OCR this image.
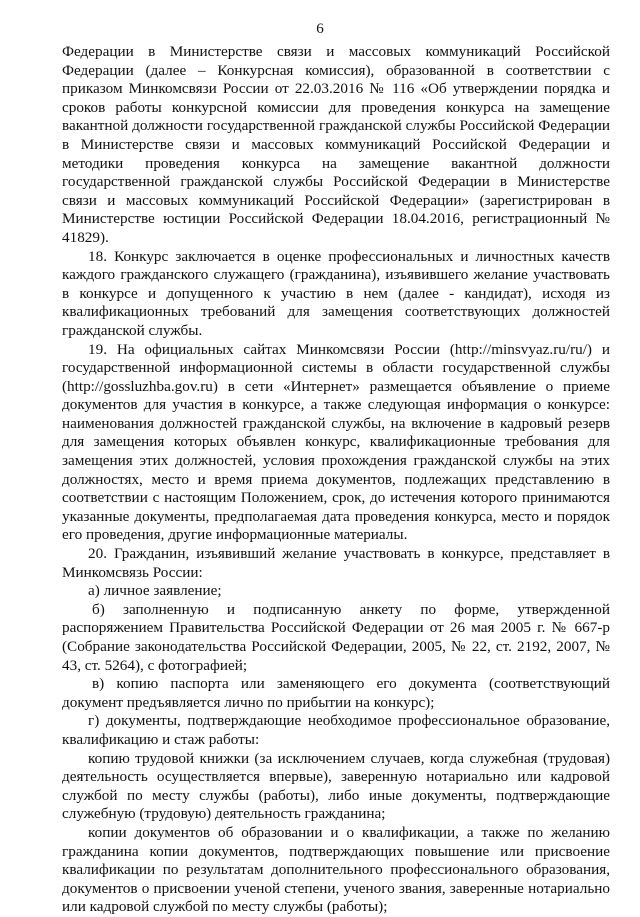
6

Федерации в Министерстве связи и массовых коммуникаций Российской Федерации (далее – Конкурсная комиссия), образованной в соответствии с приказом Минкомсвязи России от 22.03.2016 № 116 «Об утверждении порядка и сроков работы конкурсной комиссии для проведения конкурса на замещение вакантной должности государственной гражданской службы Российской Федерации в Министерстве связи и массовых коммуникаций Российской Федерации и методики проведения конкурса на замещение вакантной должности государственной гражданской службы Российской Федерации в Министерстве связи и массовых коммуникаций Российской Федерации» (зарегистрирован в Министерстве юстиции Российской Федерации 18.04.2016, регистрационный № 41829).

18. Конкурс заключается в оценке профессиональных и личностных качеств каждого гражданского служащего (гражданина), изъявившего желание участвовать в конкурсе и допущенного к участию в нем (далее - кандидат), исходя из квалификационных требований для замещения соответствующих должностей гражданской службы.

19. На официальных сайтах Минкомсвязи России (http://minsvyaz.ru/ru/) и государственной информационной системы в области государственной службы (http://gossluzhba.gov.ru) в сети «Интернет» размещается объявление о приеме документов для участия в конкурсе, а также следующая информация о конкурсе: наименования должностей гражданской службы, на включение в кадровый резерв для замещения которых объявлен конкурс, квалификационные требования для замещения этих должностей, условия прохождения гражданской службы на этих должностях, место и время приема документов, подлежащих представлению в соответствии с настоящим Положением, срок, до истечения которого принимаются указанные документы, предполагаемая дата проведения конкурса, место и порядок его проведения, другие информационные материалы.

20. Гражданин, изъявивший желание участвовать в конкурсе, представляет в Минкомсвязь России:

а) личное заявление;

б) заполненную и подписанную анкету по форме, утвержденной распоряжением Правительства Российской Федерации от 26 мая 2005 г. № 667-р (Собрание законодательства Российской Федерации, 2005, № 22, ст. 2192, 2007, № 43, ст. 5264), с фотографией;

в) копию паспорта или заменяющего его документа (соответствующий документ предъявляется лично по прибытии на конкурс);

г) документы, подтверждающие необходимое профессиональное образование, квалификацию и стаж работы:

копию трудовой книжки (за исключением случаев, когда служебная (трудовая) деятельность осуществляется впервые), заверенную нотариально или кадровой службой по месту службы (работы), либо иные документы, подтверждающие служебную (трудовую) деятельность гражданина;

копии документов об образовании и о квалификации, а также по желанию гражданина копии документов, подтверждающих повышение или присвоение квалификации по результатам дополнительного профессионального образования, документов о присвоении ученой степени, ученого звания, заверенные нотариально или кадровой службой по месту службы (работы);
